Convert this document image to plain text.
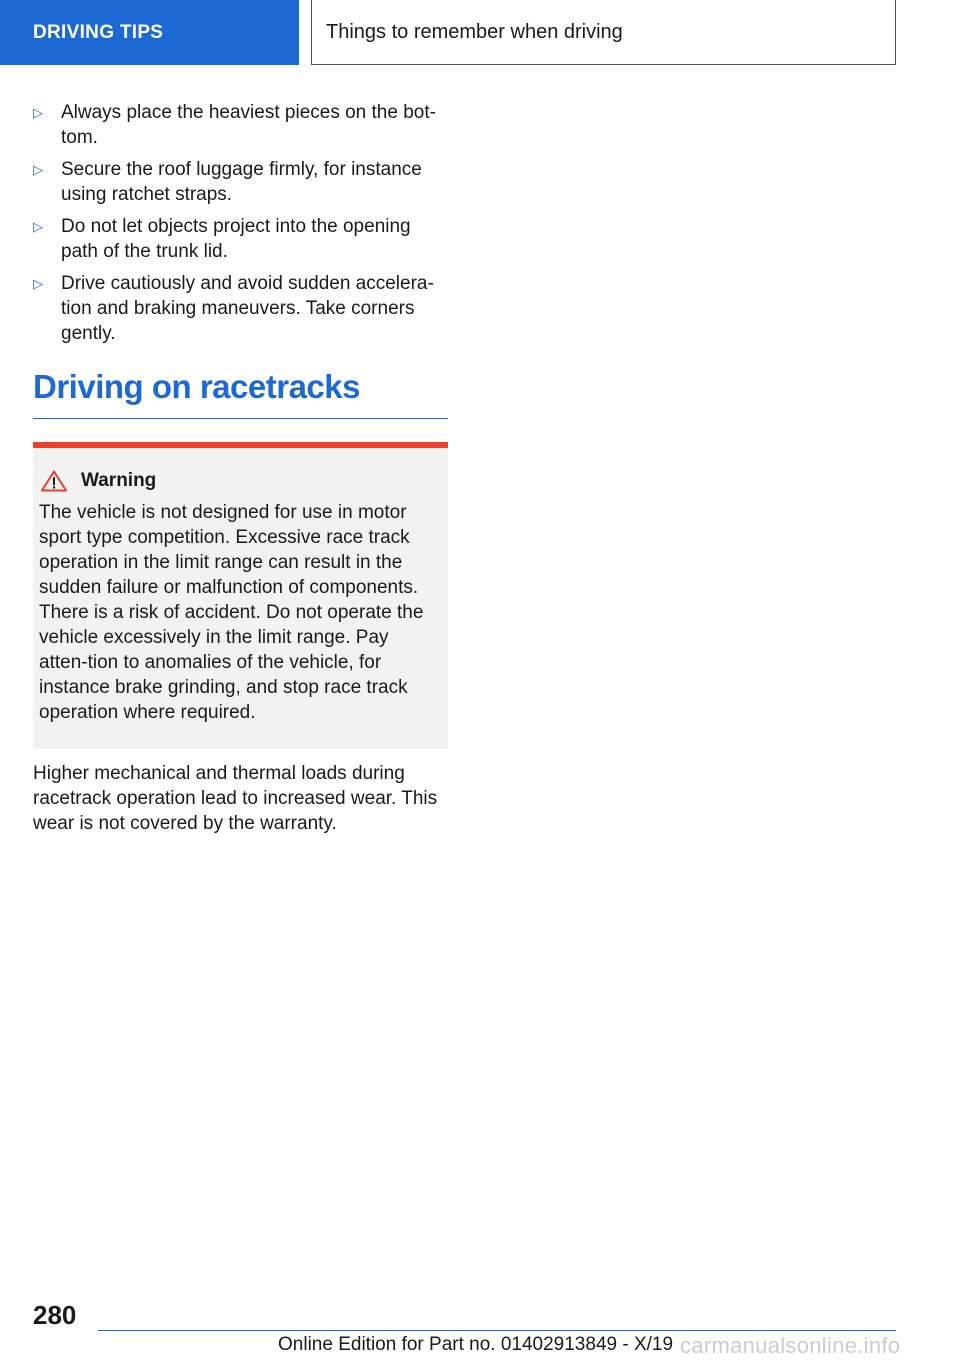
DRIVING TIPS	Things to remember when driving
▷ Always place the heaviest pieces on the bot-tom.
▷ Secure the roof luggage firmly, for instance using ratchet straps.
▷ Do not let objects project into the opening path of the trunk lid.
▷ Drive cautiously and avoid sudden accelera-tion and braking maneuvers. Take corners gently.
Driving on racetracks
Warning
The vehicle is not designed for use in motor sport type competition. Excessive race track operation in the limit range can result in the sudden failure or malfunction of components. There is a risk of accident. Do not operate the vehicle excessively in the limit range. Pay atten-tion to anomalies of the vehicle, for instance brake grinding, and stop race track operation where required.
Higher mechanical and thermal loads during racetrack operation lead to increased wear. This wear is not covered by the warranty.
280
Online Edition for Part no. 01402913849 - X/19 carmanualsonline.info
